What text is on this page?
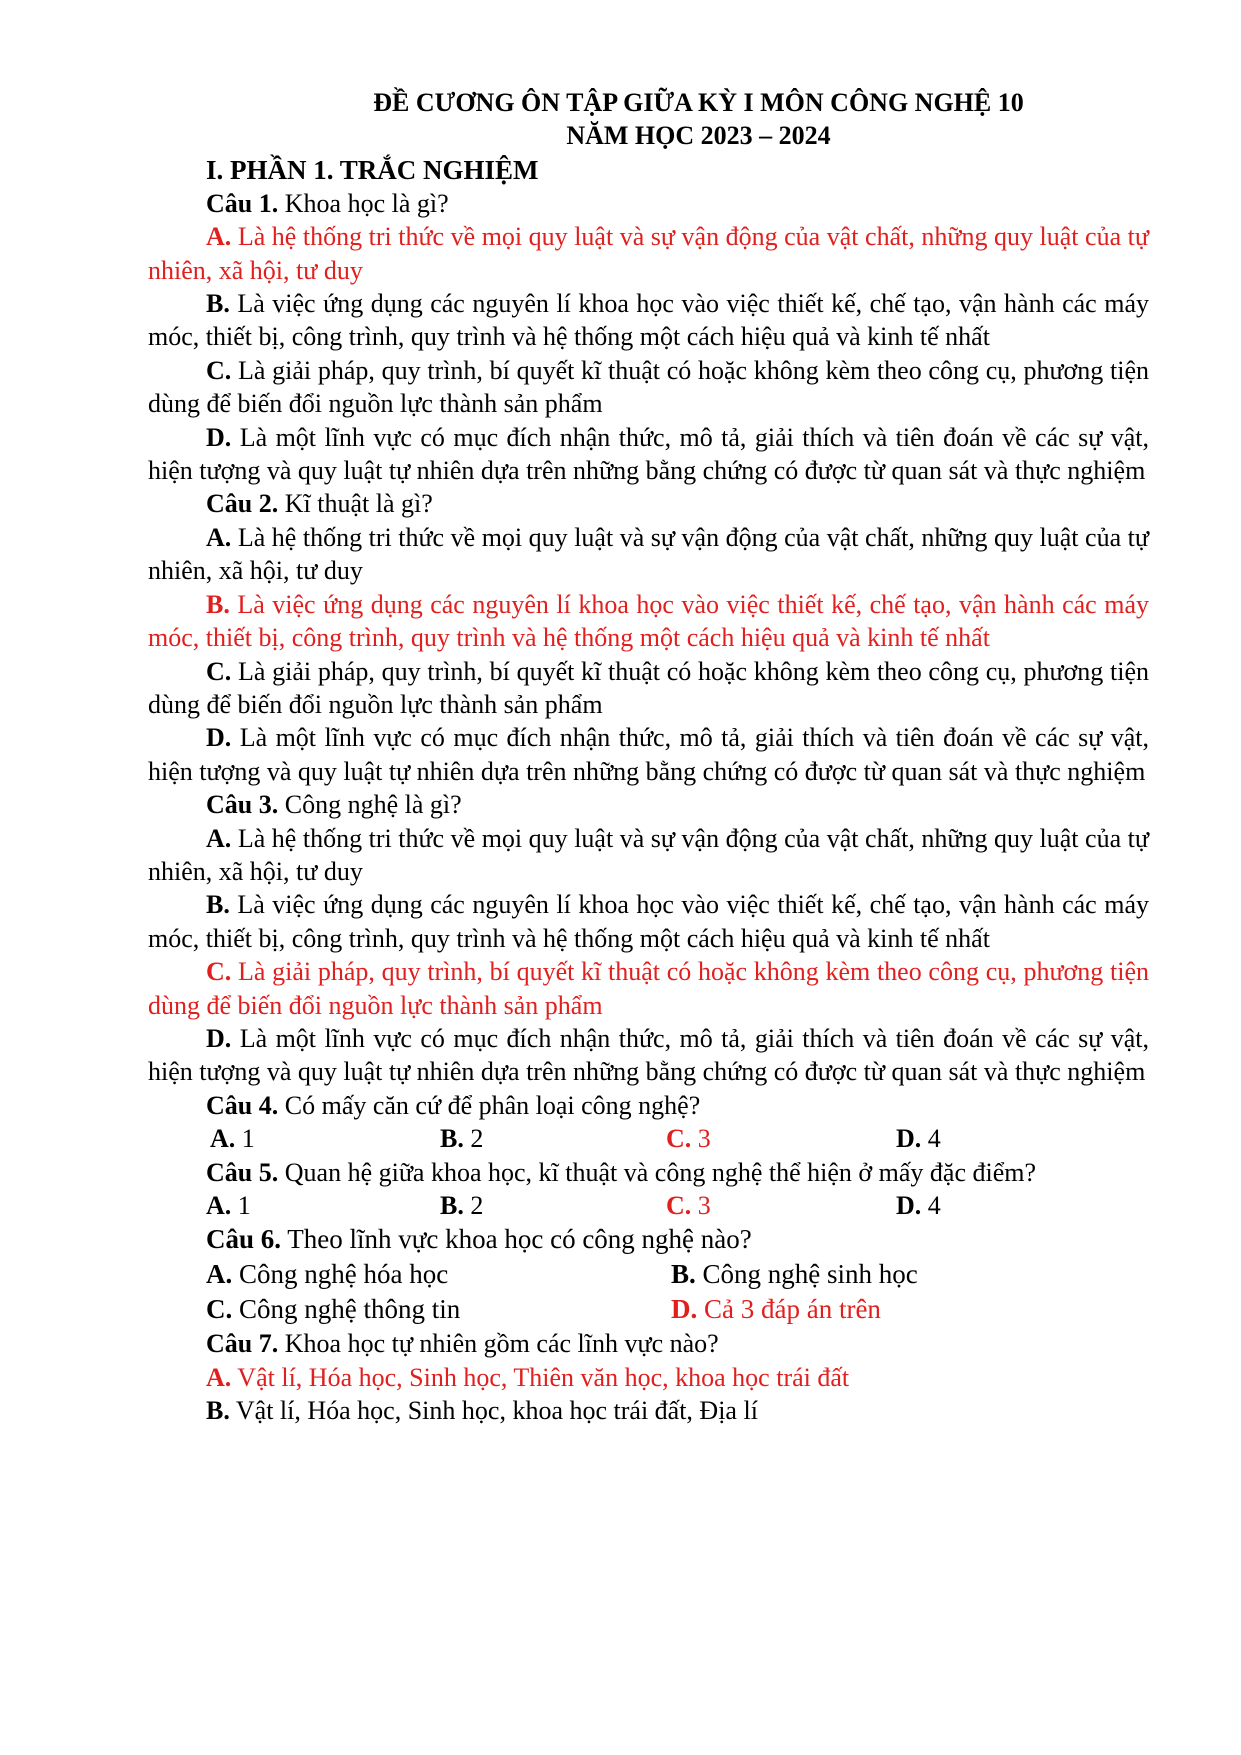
ĐỀ CƯƠNG ÔN TẬP GIỮA KỲ I MÔN CÔNG NGHỆ 10
NĂM HỌC 2023 – 2024
I. PHẦN 1. TRẮC NGHIỆM
Câu 1. Khoa học là gì?
A. Là hệ thống tri thức về mọi quy luật và sự vận động của vật chất, những quy luật của tự nhiên, xã hội, tư duy
B. Là việc ứng dụng các nguyên lí khoa học vào việc thiết kế, chế tạo, vận hành các máy móc, thiết bị, công trình, quy trình và hệ thống một cách hiệu quả và kinh tế nhất
C. Là giải pháp, quy trình, bí quyết kĩ thuật có hoặc không kèm theo công cụ, phương tiện dùng để biến đổi nguồn lực thành sản phẩm
D. Là một lĩnh vực có mục đích nhận thức, mô tả, giải thích và tiên đoán về các sự vật, hiện tượng và quy luật tự nhiên dựa trên những bằng chứng có được từ quan sát và thực nghiệm
Câu 2. Kĩ thuật là gì?
A. Là hệ thống tri thức về mọi quy luật và sự vận động của vật chất, những quy luật của tự nhiên, xã hội, tư duy
B. Là việc ứng dụng các nguyên lí khoa học vào việc thiết kế, chế tạo, vận hành các máy móc, thiết bị, công trình, quy trình và hệ thống một cách hiệu quả và kinh tế nhất
C. Là giải pháp, quy trình, bí quyết kĩ thuật có hoặc không kèm theo công cụ, phương tiện dùng để biến đổi nguồn lực thành sản phẩm
D. Là một lĩnh vực có mục đích nhận thức, mô tả, giải thích và tiên đoán về các sự vật, hiện tượng và quy luật tự nhiên dựa trên những bằng chứng có được từ quan sát và thực nghiệm
Câu 3. Công nghệ là gì?
A. Là hệ thống tri thức về mọi quy luật và sự vận động của vật chất, những quy luật của tự nhiên, xã hội, tư duy
B. Là việc ứng dụng các nguyên lí khoa học vào việc thiết kế, chế tạo, vận hành các máy móc, thiết bị, công trình, quy trình và hệ thống một cách hiệu quả và kinh tế nhất
C. Là giải pháp, quy trình, bí quyết kĩ thuật có hoặc không kèm theo công cụ, phương tiện dùng để biến đổi nguồn lực thành sản phẩm
D. Là một lĩnh vực có mục đích nhận thức, mô tả, giải thích và tiên đoán về các sự vật, hiện tượng và quy luật tự nhiên dựa trên những bằng chứng có được từ quan sát và thực nghiệm
Câu 4. Có mấy căn cứ để phân loại công nghệ?
A. 1	B. 2	C. 3	D. 4
Câu 5. Quan hệ giữa khoa học, kĩ thuật và công nghệ thể hiện ở mấy đặc điểm?
A. 1	B. 2	C. 3	D. 4
Câu 6. Theo lĩnh vực khoa học có công nghệ nào?
A. Công nghệ hóa học	B. Công nghệ sinh học
C. Công nghệ thông tin	D. Cả 3 đáp án trên
Câu 7. Khoa học tự nhiên gồm các lĩnh vực nào?
A. Vật lí, Hóa học, Sinh học, Thiên văn học, khoa học trái đất
B. Vật lí, Hóa học, Sinh học, khoa học trái đất, Địa lí
